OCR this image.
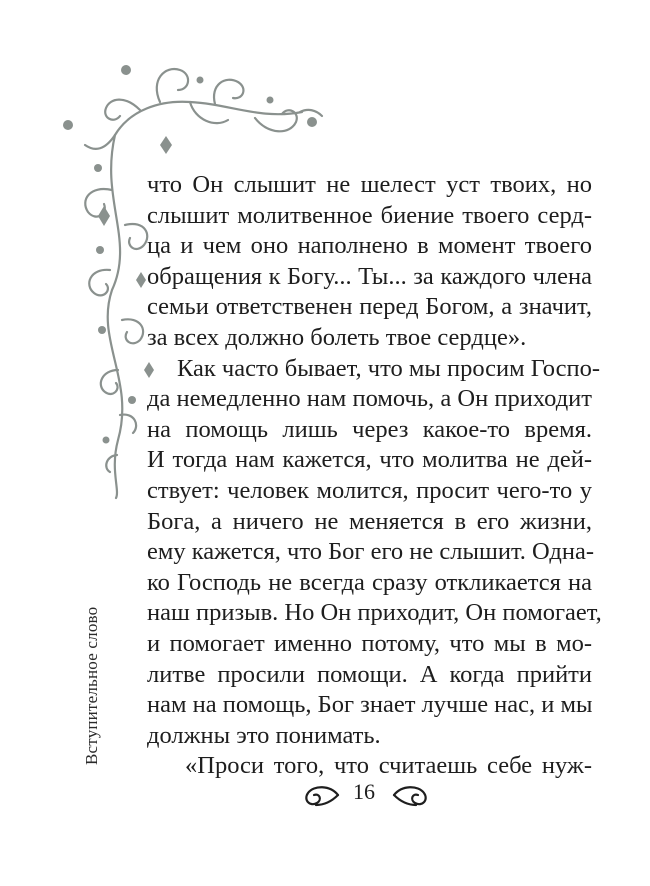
что Он слышит не шелест уст твоих, но
слышит молитвенное биение твоего серд-
ца и чем оно наполнено в момент твоего
обращения к Богу... Ты... за каждого члена
семьи ответственен перед Богом, а значит,
за всех должно болеть твое сердце».
Как часто бывает, что мы просим Госпо-
да немедленно нам помочь, а Он приходит
на помощь лишь через какое-то время.
И тогда нам кажется, что молитва не дей-
ствует: человек молится, просит чего-то у
Бога, а ничего не меняется в его жизни,
ему кажется, что Бог его не слышит. Одна-
ко Господь не всегда сразу откликается на
наш призыв. Но Он приходит, Он помогает,
и помогает именно потому, что мы в мо-
литве просили помощи. А когда прийти
нам на помощь, Бог знает лучше нас, и мы
должны это понимать.
«Проси того, что считаешь себе нуж-
Вступительное слово
16
